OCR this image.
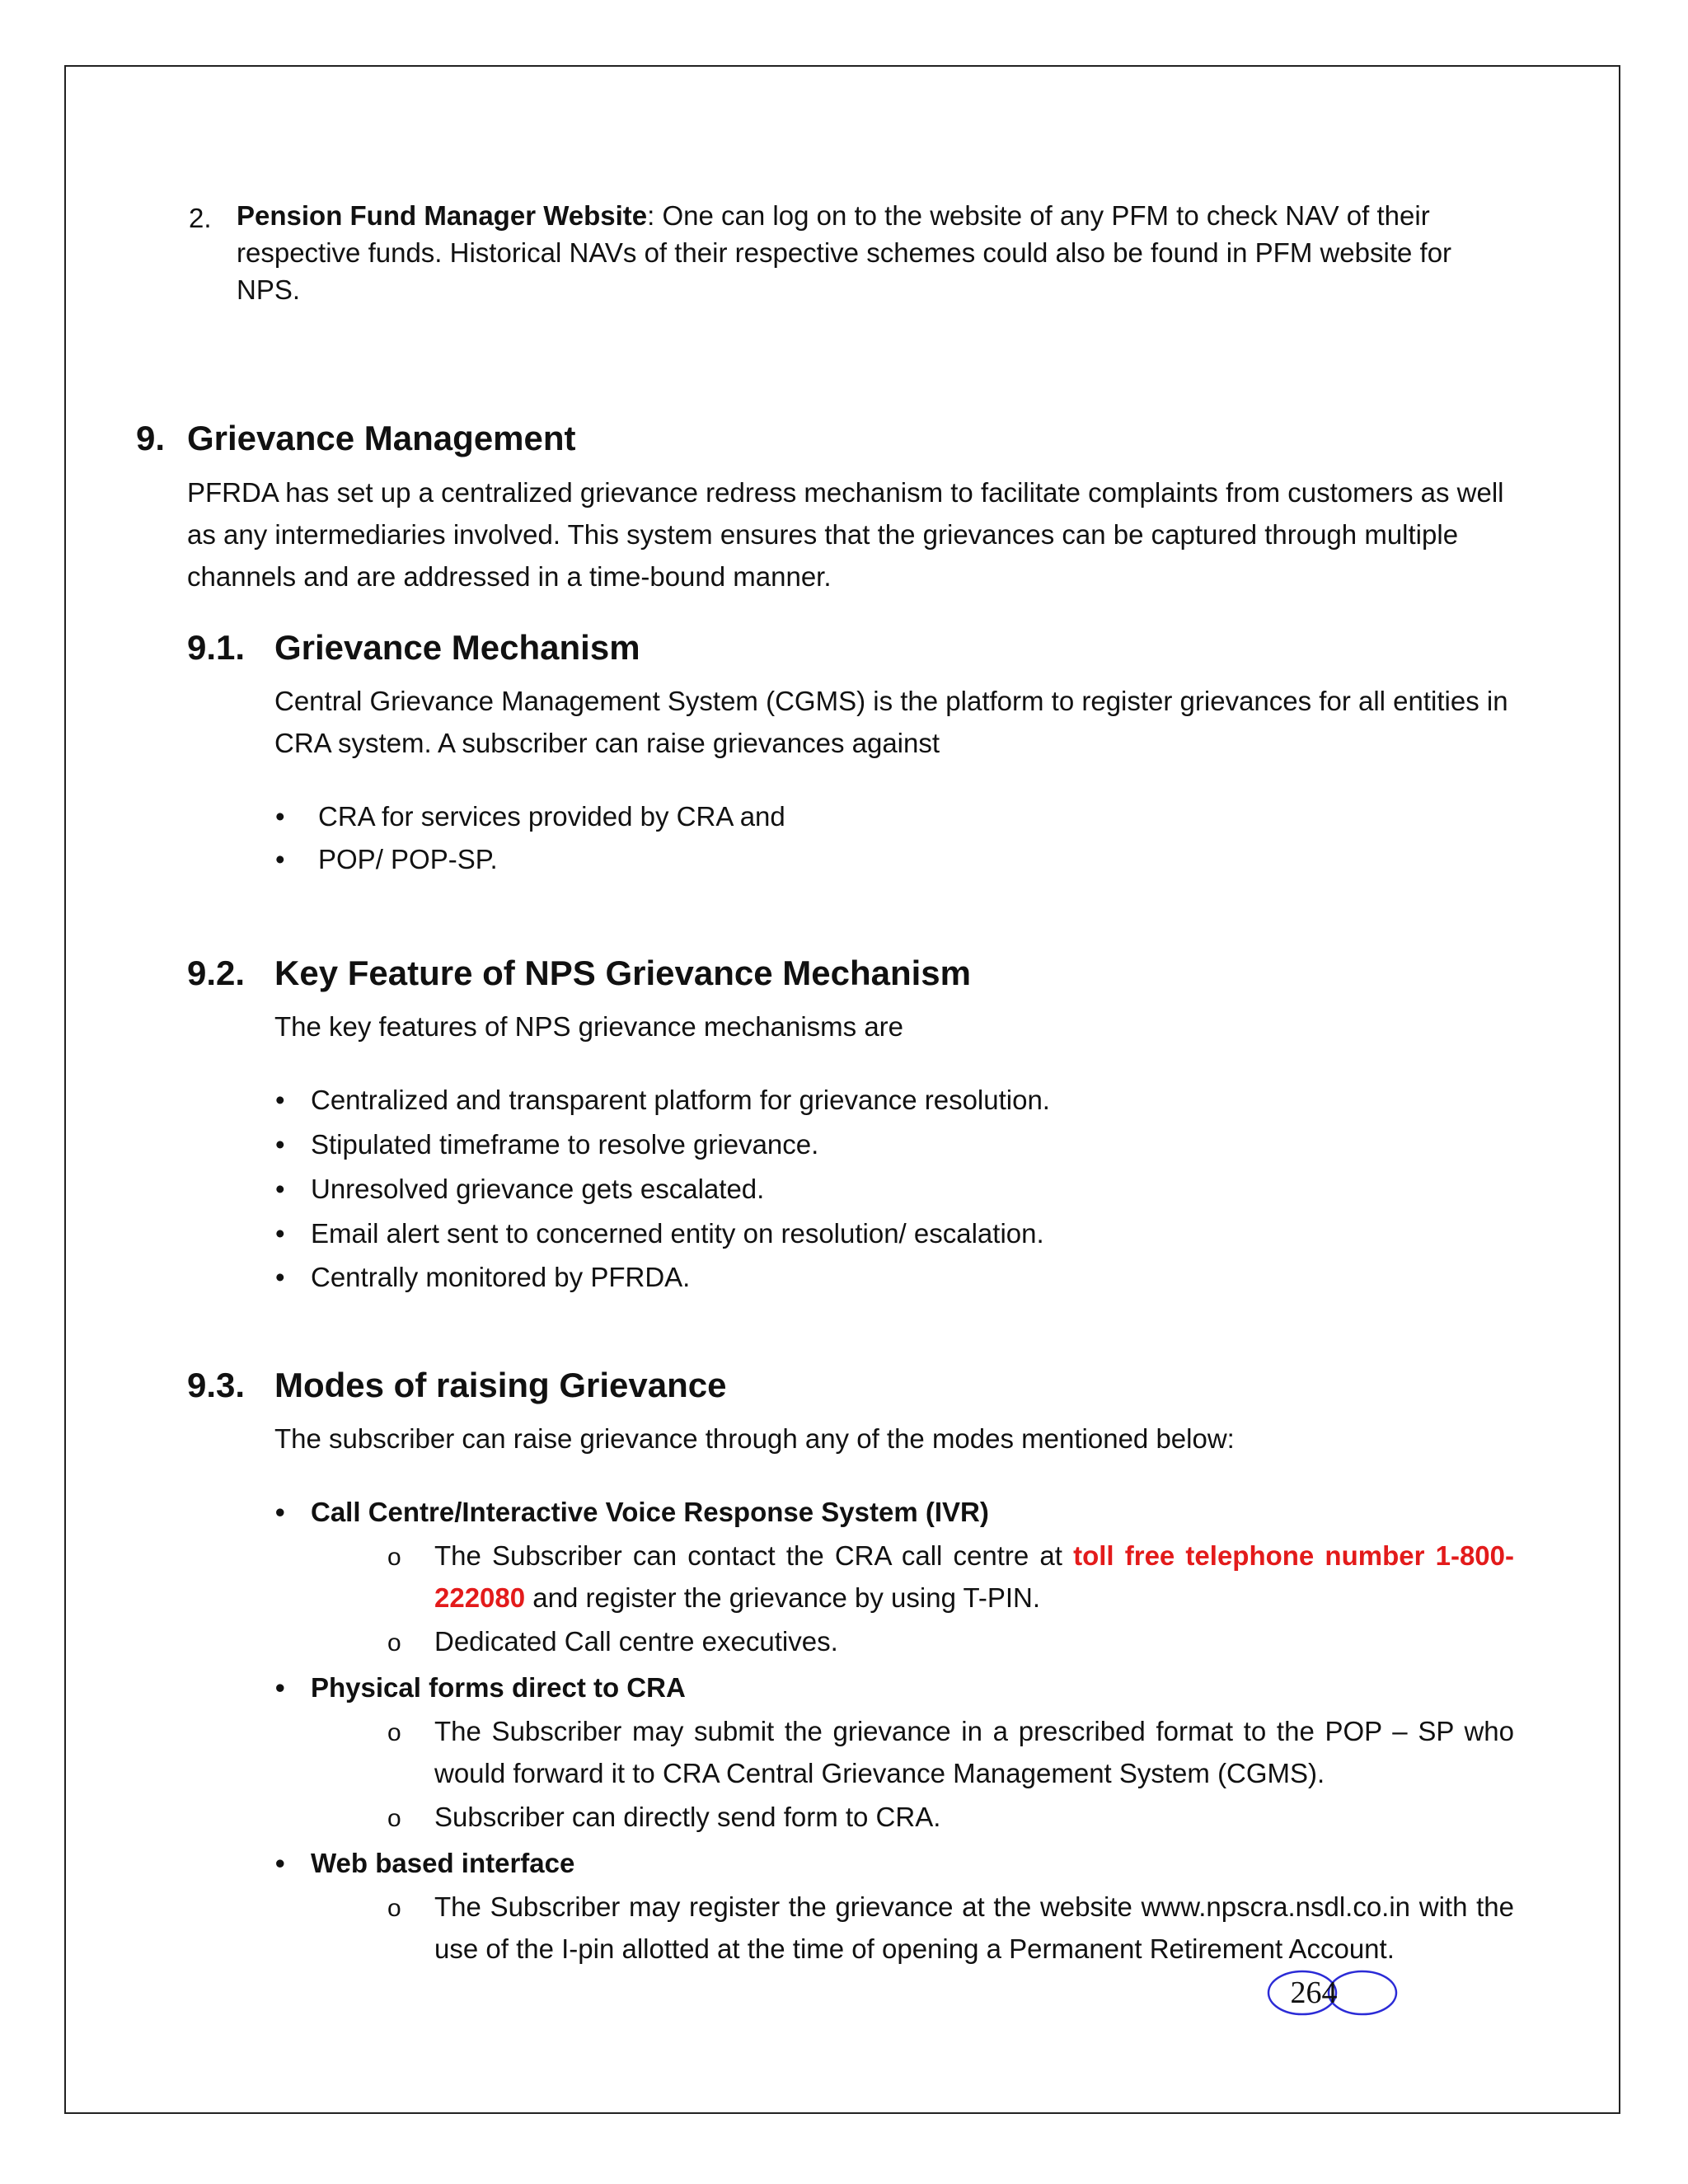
2. Pension Fund Manager Website: One can log on to the website of any PFM to check NAV of their respective funds. Historical NAVs of their respective schemes could also be found in PFM website for NPS.
9. Grievance Management
PFRDA has set up a centralized grievance redress mechanism to facilitate complaints from customers as well as any intermediaries involved. This system ensures that the grievances can be captured through multiple channels and are addressed in a time-bound manner.
9.1. Grievance Mechanism
Central Grievance Management System (CGMS) is the platform to register grievances for all entities in CRA system. A subscriber can raise grievances against
• CRA for services provided by CRA and
• POP/ POP-SP.
9.2. Key Feature of NPS Grievance Mechanism
The key features of NPS grievance mechanisms are
• Centralized and transparent platform for grievance resolution.
• Stipulated timeframe to resolve grievance.
• Unresolved grievance gets escalated.
• Email alert sent to concerned entity on resolution/ escalation.
• Centrally monitored by PFRDA.
9.3. Modes of raising Grievance
The subscriber can raise grievance through any of the modes mentioned below:
• Call Centre/Interactive Voice Response System (IVR)
o The Subscriber can contact the CRA call centre at toll free telephone number 1-800-222080 and register the grievance by using T-PIN.
o Dedicated Call centre executives.
• Physical forms direct to CRA
o The Subscriber may submit the grievance in a prescribed format to the POP – SP who would forward it to CRA Central Grievance Management System (CGMS).
o Subscriber can directly send form to CRA.
• Web based interface
o The Subscriber may register the grievance at the website www.npscra.nsdl.co.in with the use of the I-pin allotted at the time of opening a Permanent Retirement Account.
264
